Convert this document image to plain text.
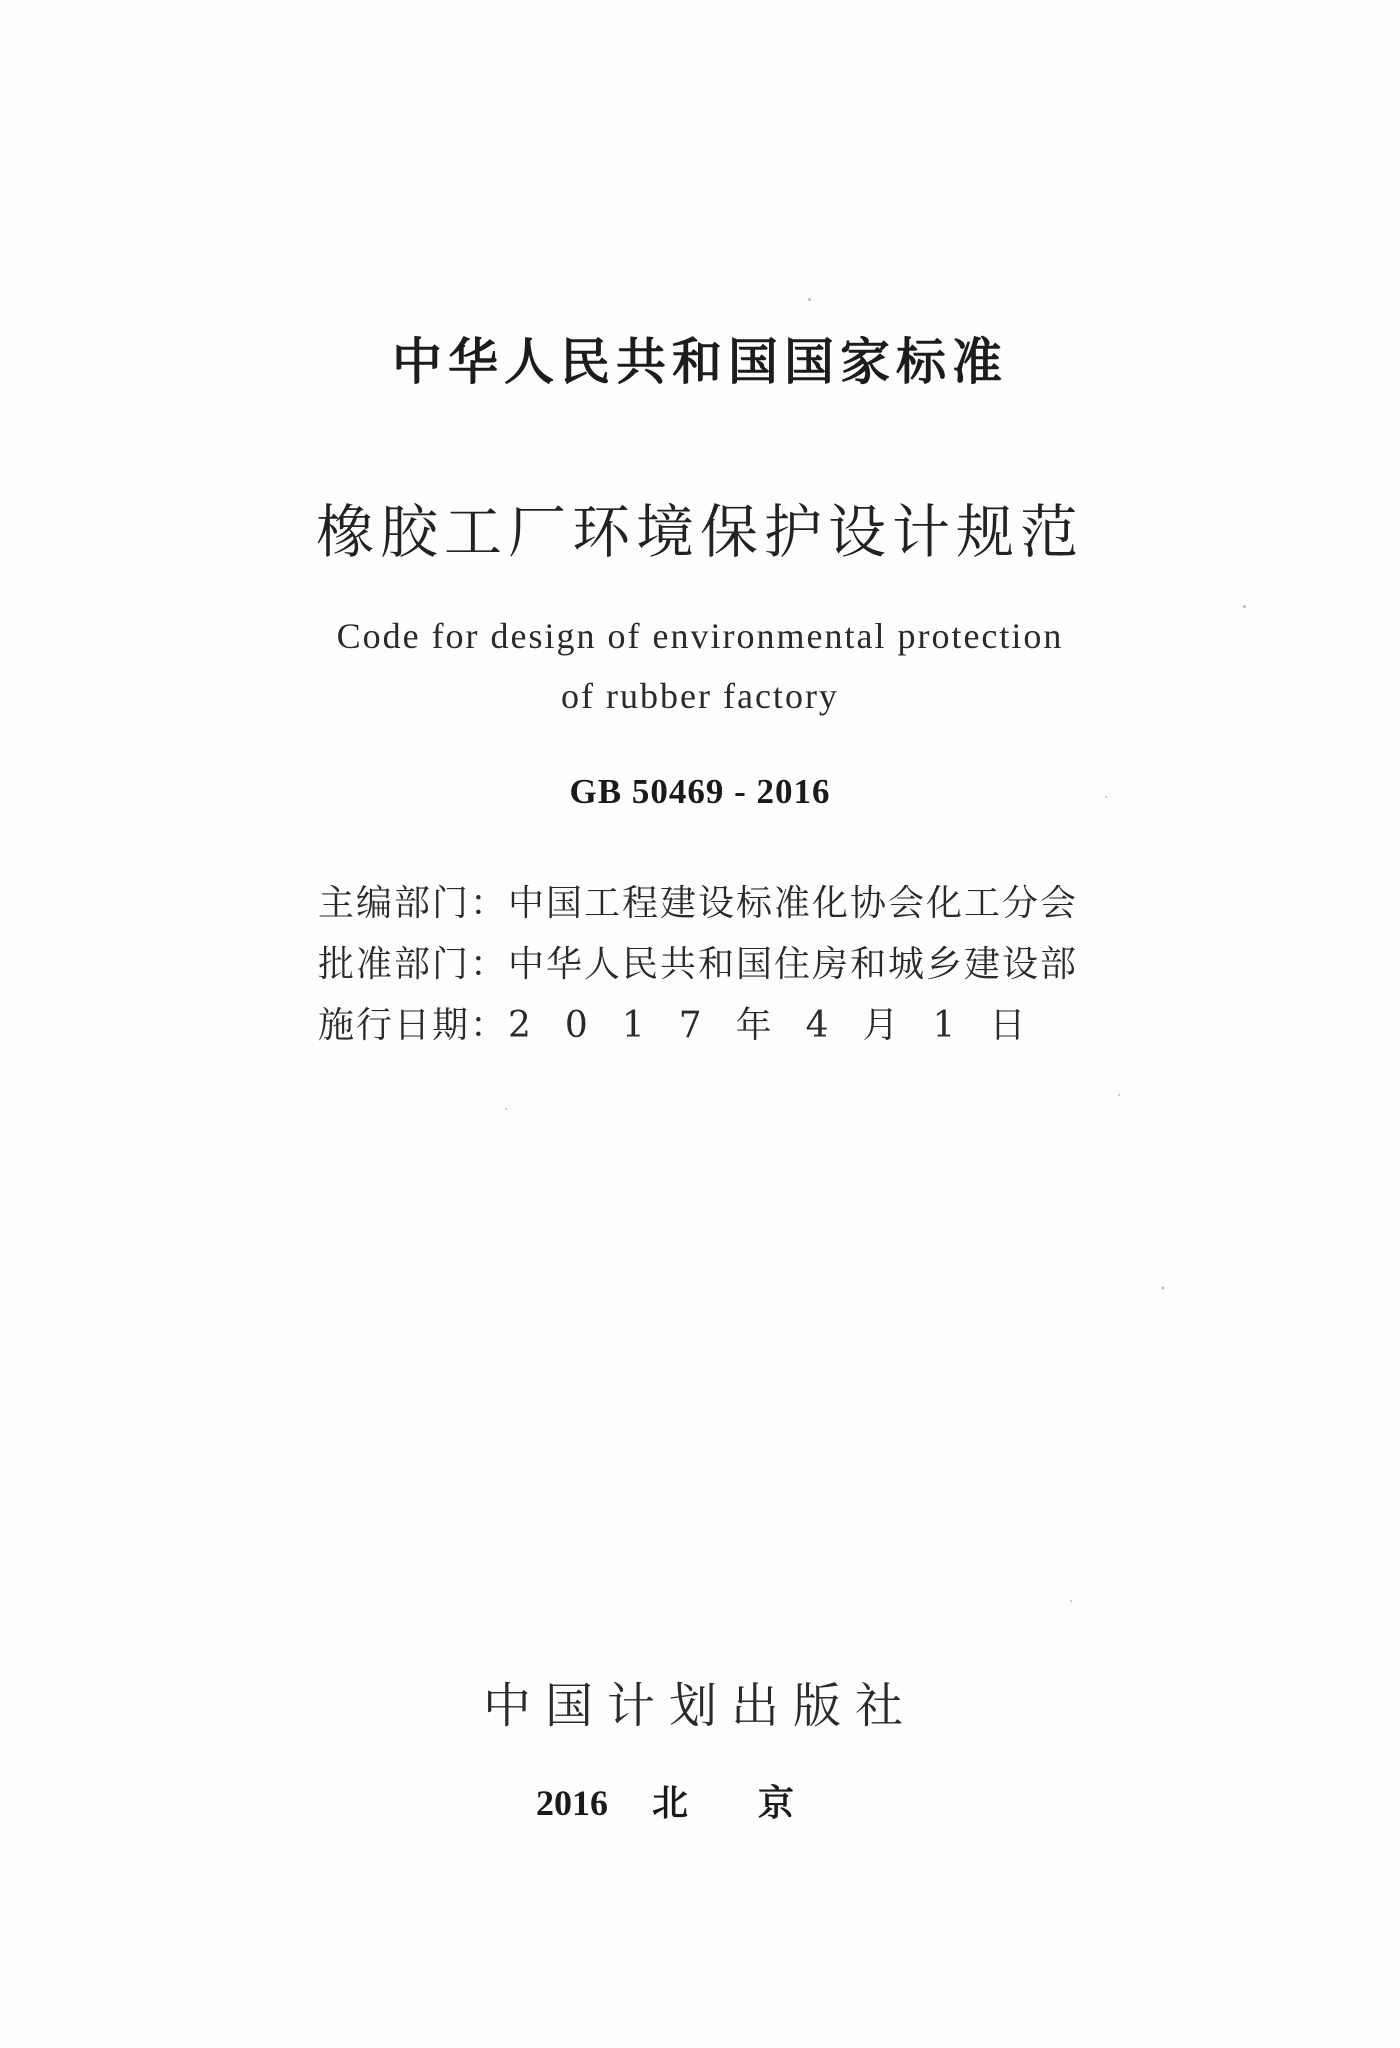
中华人民共和国国家标准
橡胶工厂环境保护设计规范
Code for design of environmental protection
of rubber factory
GB 50469 - 2016
主编部门： 中国工程建设标准化协会化工分会
批准部门： 中华人民共和国住房和城乡建设部
施行日期： 2017年4月1日
中国计划出版社
2016 北京
